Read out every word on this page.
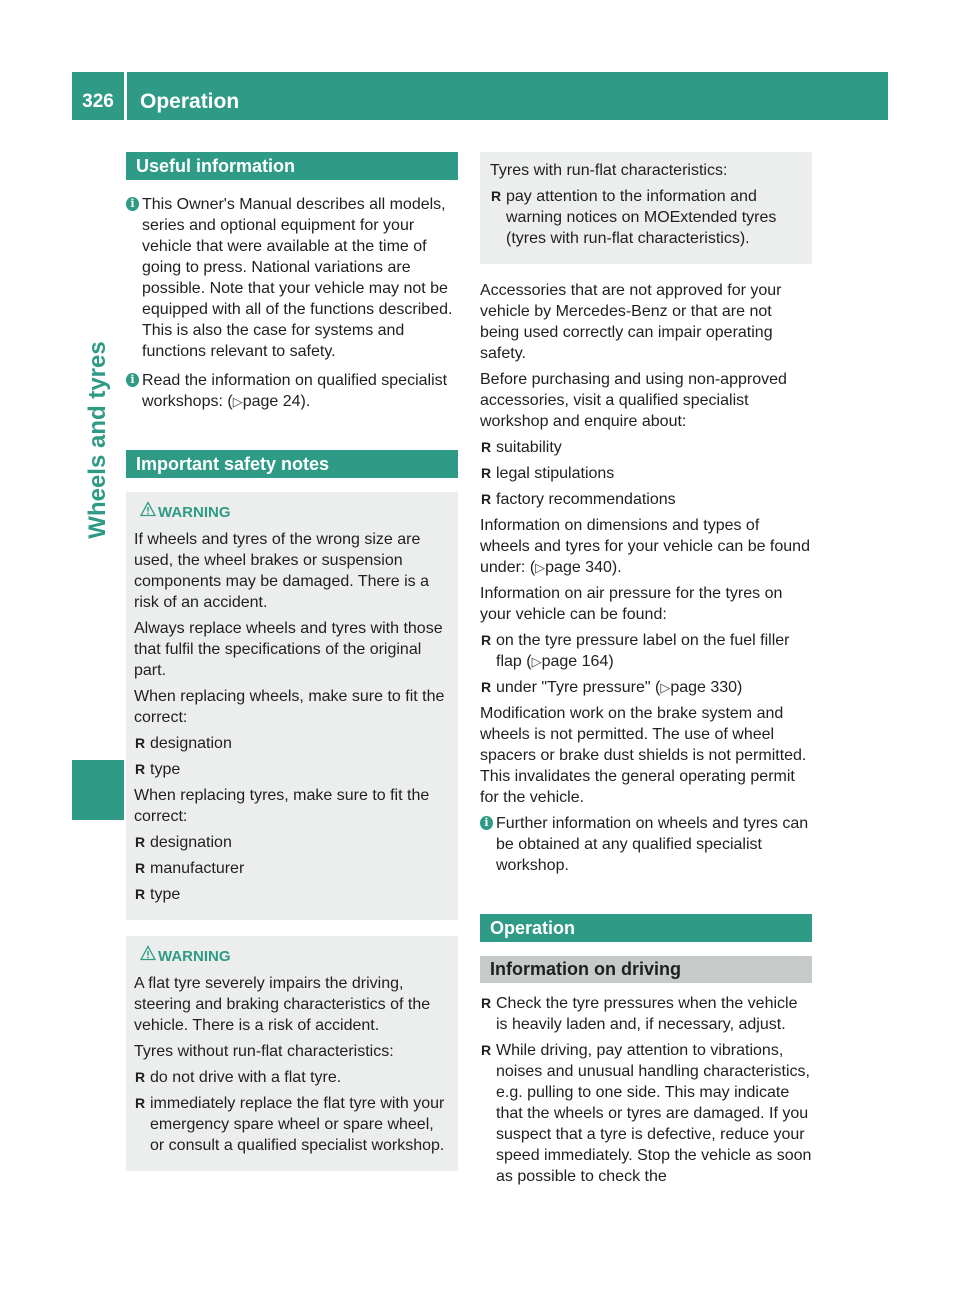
326	Operation
Wheels and tyres
Useful information
i This Owner's Manual describes all models, series and optional equipment for your vehicle that were available at the time of going to press. National variations are possible. Note that your vehicle may not be equipped with all of the functions described. This is also the case for systems and functions relevant to safety.
i Read the information on qualified specialist workshops: (▷page 24).
Important safety notes
WARNING

If wheels and tyres of the wrong size are used, the wheel brakes or suspension components may be damaged. There is a risk of an accident.

Always replace wheels and tyres with those that fulfil the specifications of the original part.

When replacing wheels, make sure to fit the correct:

R designation
R type

When replacing tyres, make sure to fit the correct:

R designation
R manufacturer
R type
WARNING

A flat tyre severely impairs the driving, steering and braking characteristics of the vehicle. There is a risk of accident.

Tyres without run-flat characteristics:

R do not drive with a flat tyre.
R immediately replace the flat tyre with your emergency spare wheel or spare wheel, or consult a qualified specialist workshop.

Tyres with run-flat characteristics:

R pay attention to the information and warning notices on MOExtended tyres (tyres with run-flat characteristics).

Accessories that are not approved for your vehicle by Mercedes-Benz or that are not being used correctly can impair operating safety.

Before purchasing and using non-approved accessories, visit a qualified specialist workshop and enquire about:

R suitability
R legal stipulations
R factory recommendations

Information on dimensions and types of wheels and tyres for your vehicle can be found under: (▷page 340).

Information on air pressure for the tyres on your vehicle can be found:

R on the tyre pressure label on the fuel filler flap (▷page 164)
R under "Tyre pressure" (▷page 330)

Modification work on the brake system and wheels is not permitted. The use of wheel spacers or brake dust shields is not permitted. This invalidates the general operating permit for the vehicle.

i Further information on wheels and tyres can be obtained at any qualified specialist workshop.
Operation
Information on driving
R Check the tyre pressures when the vehicle is heavily laden and, if necessary, adjust.
R While driving, pay attention to vibrations, noises and unusual handling characteristics, e.g. pulling to one side. This may indicate that the wheels or tyres are damaged. If you suspect that a tyre is defective, reduce your speed immediately. Stop the vehicle as soon as possible to check the
